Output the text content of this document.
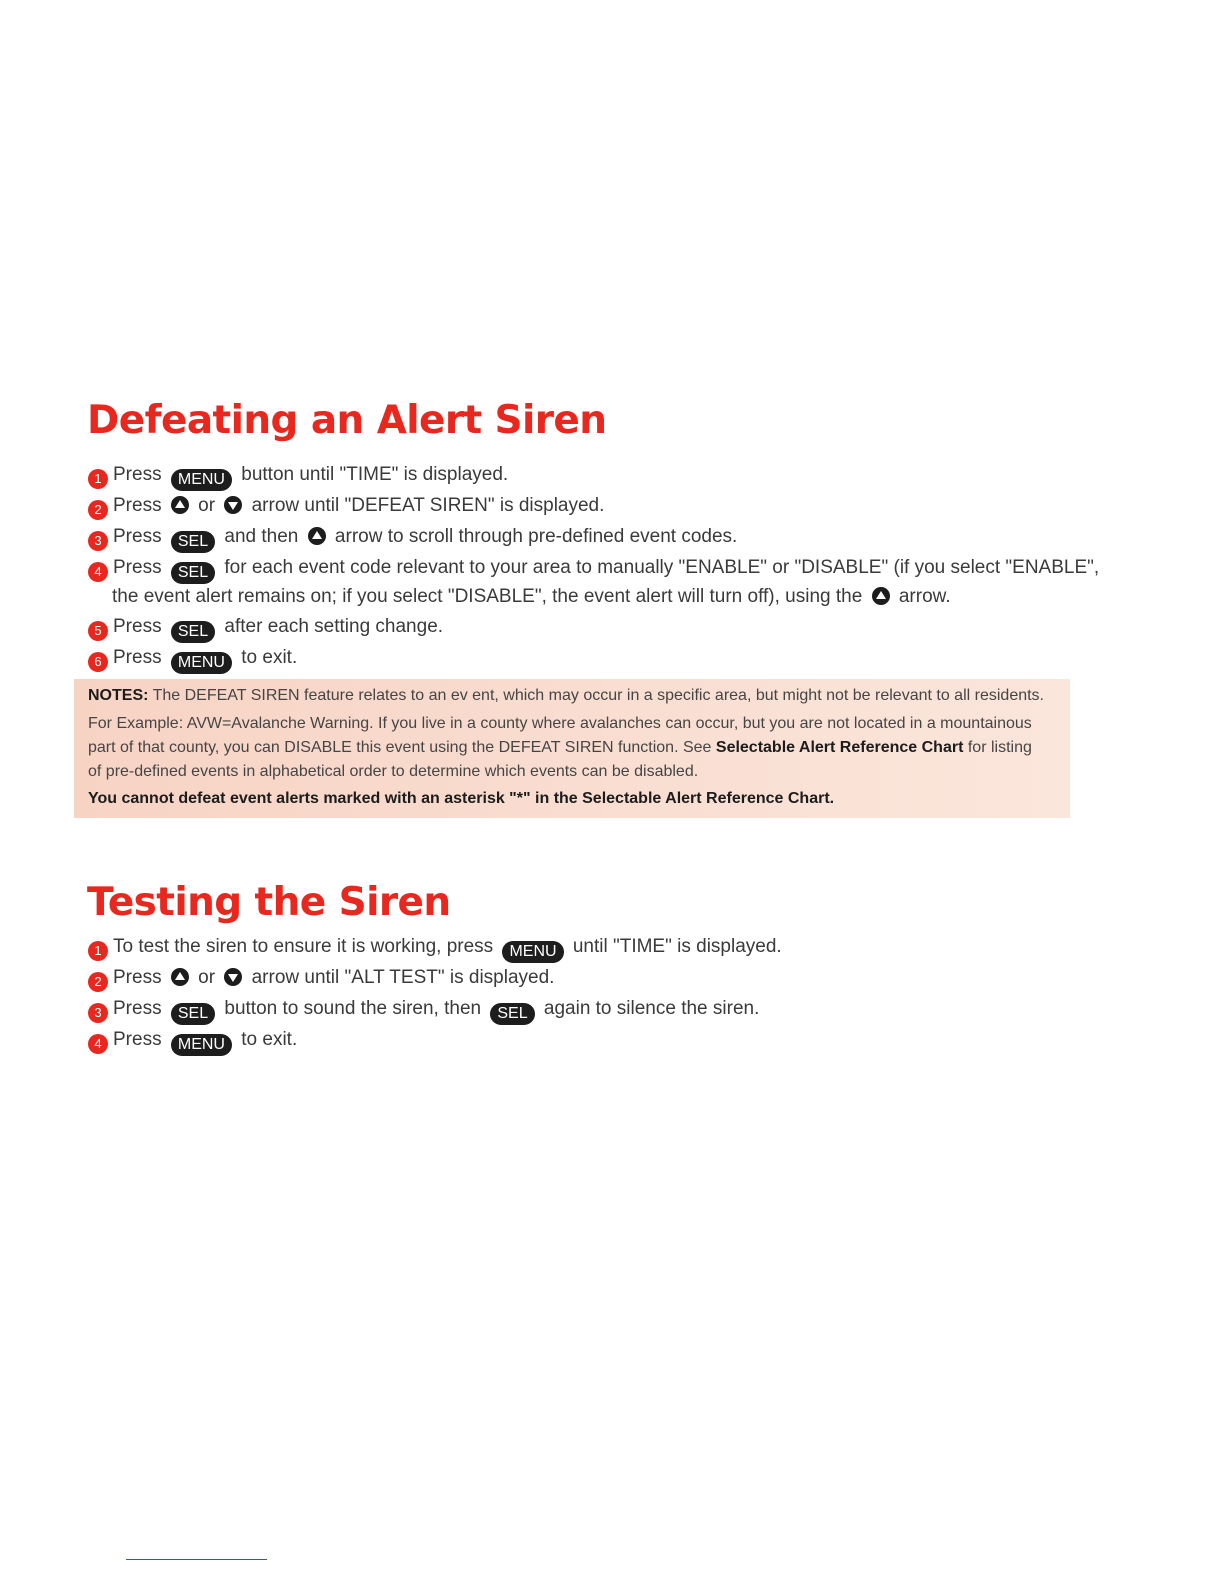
Defeating an Alert Siren
1 Press MENU button until "TIME" is displayed.
2 Press or arrow until "DEFEAT SIREN" is displayed.
3 Press SEL and then arrow to scroll through pre-defined event codes.
4 Press SEL for each event code relevant to your area to manually "ENABLE" or "DISABLE" (if you select "ENABLE",
the event alert remains on; if you select "DISABLE", the event alert will turn off), using the arrow.
5 Press SEL after each setting change.
6 Press MENU to exit.
NOTES: The DEFEAT SIREN feature relates to an ev ent, which may occur in a specific area, but might not be relevant to all residents.
For Example: AVW=Avalanche Warning. If you live in a county where avalanches can occur, but you are not located in a mountainous
part of that county, you can DISABLE this event using the DEFEAT SIREN function. See Selectable Alert Reference Chart for listing
of pre-defined events in alphabetical order to determine which events can be disabled.
You cannot defeat event alerts marked with an asterisk "*" in the Selectable Alert Reference Chart.
Testing the Siren
1 To test the siren to ensure it is working, press MENU until "TIME" is displayed.
2 Press or arrow until "ALT TEST" is displayed.
3 Press SEL button to sound the siren, then SEL again to silence the siren.
4 Press MENU to exit.
